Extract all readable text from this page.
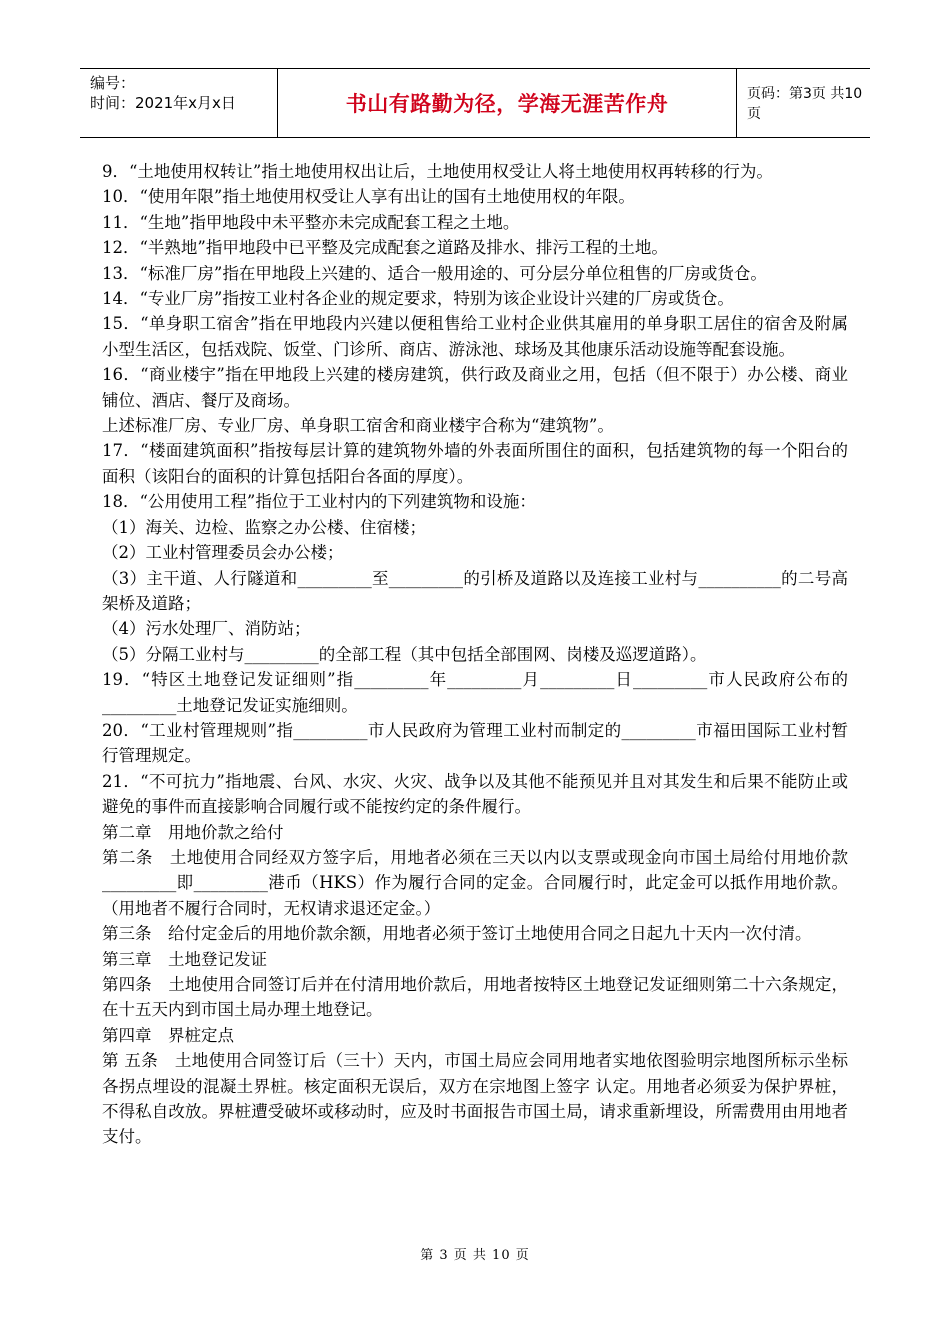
编号：
时间：2021年x月x日	书山有路勤为径，学海无涯苦作舟	页码：第3页 共10页

9．“土地使用权转让”指土地使用权出让后，土地使用权受让人将土地使用权再转移的行为。

10．“使用年限”指土地使用权受让人享有出让的国有土地使用权的年限。

11．“生地”指甲地段中未平整亦未完成配套工程之土地。

12．“半熟地”指甲地段中已平整及完成配套之道路及排水、排污工程的土地。

13．“标准厂房”指在甲地段上兴建的、适合一般用途的、可分层分单位租售的厂房或货仓。

14．“专业厂房”指按工业村各企业的规定要求，特别为该企业设计兴建的厂房或货仓。

15．“单身职工宿舍”指在甲地段内兴建以便租售给工业村企业供其雇用的单身职工居住的宿舍及附属小型生活区，包括戏院、饭堂、门诊所、商店、游泳池、球场及其他康乐活动设施等配套设施。

16．“商业楼宇”指在甲地段上兴建的楼房建筑，供行政及商业之用，包括（但不限于）办公楼、商业铺位、酒店、餐厅及商场。

上述标准厂房、专业厂房、单身职工宿舍和商业楼宇合称为“建筑物”。

17．“楼面建筑面积”指按每层计算的建筑物外墙的外表面所围住的面积，包括建筑物的每一个阳台的面积（该阳台的面积的计算包括阳台各面的厚度）。

18．“公用使用工程”指位于工业村内的下列建筑物和设施：

（1）海关、边检、监察之办公楼、住宿楼；

（2）工业村管理委员会办公楼；

（3）主干道、人行隧道和_________至_________的引桥及道路以及连接工业村与__________的二号高架桥及道路；

（4）污水处理厂、消防站；

（5）分隔工业村与_________的全部工程（其中包括全部围网、岗楼及巡逻道路）。

19．“特区土地登记发证细则”指_________年_________月_________日_________市人民政府公布的_________土地登记发证实施细则。

20．“工业村管理规则”指_________市人民政府为管理工业村而制定的_________市福田国际工业村暂行管理规定。

21．“不可抗力”指地震、台风、水灾、火灾、战争以及其他不能预见并且对其发生和后果不能防止或避免的事件而直接影响合同履行或不能按约定的条件履行。

第二章　用地价款之给付

第二条　土地使用合同经双方签字后，用地者必须在三天以内以支票或现金向市国土局给付用地价款_________即_________港币（HKS）作为履行合同的定金。合同履行时，此定金可以抵作用地价款。（用地者不履行合同时，无权请求退还定金。）

第三条　给付定金后的用地价款余额，用地者必须于签订土地使用合同之日起九十天内一次付清。

第三章　土地登记发证

第四条　土地使用合同签订后并在付清用地价款后，用地者按特区土地登记发证细则第二十六条规定，在十五天内到市国土局办理土地登记。

第四章　界桩定点

第 五条　土地使用合同签订后（三十）天内，市国土局应会同用地者实地依图验明宗地图所标示坐标各拐点埋设的混凝土界桩。核定面积无误后，双方在宗地图上签字 认定。用地者必须妥为保护界桩，不得私自改放。界桩遭受破坏或移动时，应及时书面报告市国土局，请求重新埋设，所需费用由用地者支付。

第 3 页 共 10 页
